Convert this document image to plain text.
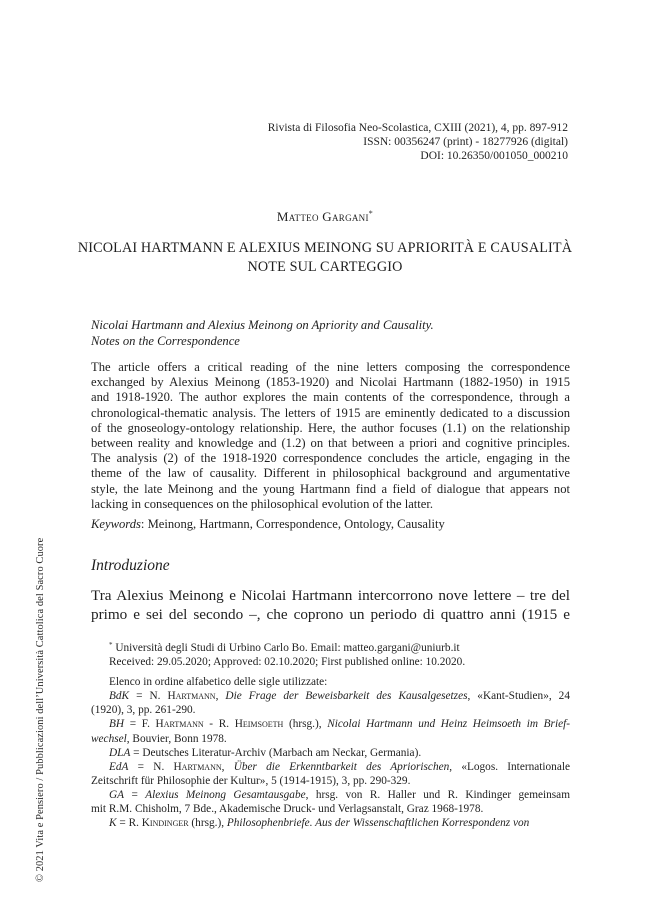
Rivista di Filosofia Neo-Scolastica, CXIII (2021), 4, pp. 897-912
ISSN: 00356247 (print) - 18277926 (digital)
DOI: 10.26350/001050_000210
Matteo Gargani*
NICOLAI HARTMANN E ALEXIUS MEINONG SU APRIORITÀ E CAUSALITÀ
NOTE SUL CARTEGGIO
Nicolai Hartmann and Alexius Meinong on Apriority and Causality.
Notes on the Correspondence
The article offers a critical reading of the nine letters composing the correspondence
exchanged by Alexius Meinong (1853-1920) and Nicolai Hartmann (1882-1950) in 1915
and 1918-1920. The author explores the main contents of the correspondence, through a
chronological-thematic analysis. The letters of 1915 are eminently dedicated to a discussion
of the gnoseology-ontology relationship. Here, the author focuses (1.1) on the relationship
between reality and knowledge and (1.2) on that between a priori and cognitive principles.
The analysis (2) of the 1918-1920 correspondence concludes the article, engaging in the
theme of the law of causality. Different in philosophical background and argumentative
style, the late Meinong and the young Hartmann find a field of dialogue that appears not
lacking in consequences on the philosophical evolution of the latter.
Keywords: Meinong, Hartmann, Correspondence, Ontology, Causality
Introduzione
Tra Alexius Meinong e Nicolai Hartmann intercorrono nove lettere – tre del
primo e sei del secondo –, che coprono un periodo di quattro anni (1915 e
* Università degli Studi di Urbino Carlo Bo. Email: matteo.gargani@uniurb.it
Received: 29.05.2020; Approved: 02.10.2020; First published online: 10.2020.
Elenco in ordine alfabetico delle sigle utilizzate:
BdK = N. Hartmann, Die Frage der Beweisbarkeit des Kausalgesetzes, «Kant-Studien», 24
(1920), 3, pp. 261-290.
BH = F. Hartmann - R. Heimsoeth (hrsg.), Nicolai Hartmann und Heinz Heimsoeth im Brief-
wechsel, Bouvier, Bonn 1978.
DLA = Deutsches Literatur-Archiv (Marbach am Neckar, Germania).
EdA = N. Hartmann, Über die Erkenntbarkeit des Apriorischen, «Logos. Internationale
Zeitschrift für Philosophie der Kultur», 5 (1914-1915), 3, pp. 290-329.
GA = Alexius Meinong Gesamtausgabe, hrsg. von R. Haller und R. Kindinger gemeinsam
mit R.M. Chisholm, 7 Bde., Akademische Druck- und Verlagsanstalt, Graz 1968-1978.
K = R. Kindinger (hrsg.), Philosophenbriefe. Aus der Wissenschaftlichen Korrespondenz von
© 2021 Vita e Pensiero / Pubblicazioni dell’Università Cattolica del Sacro Cuore
